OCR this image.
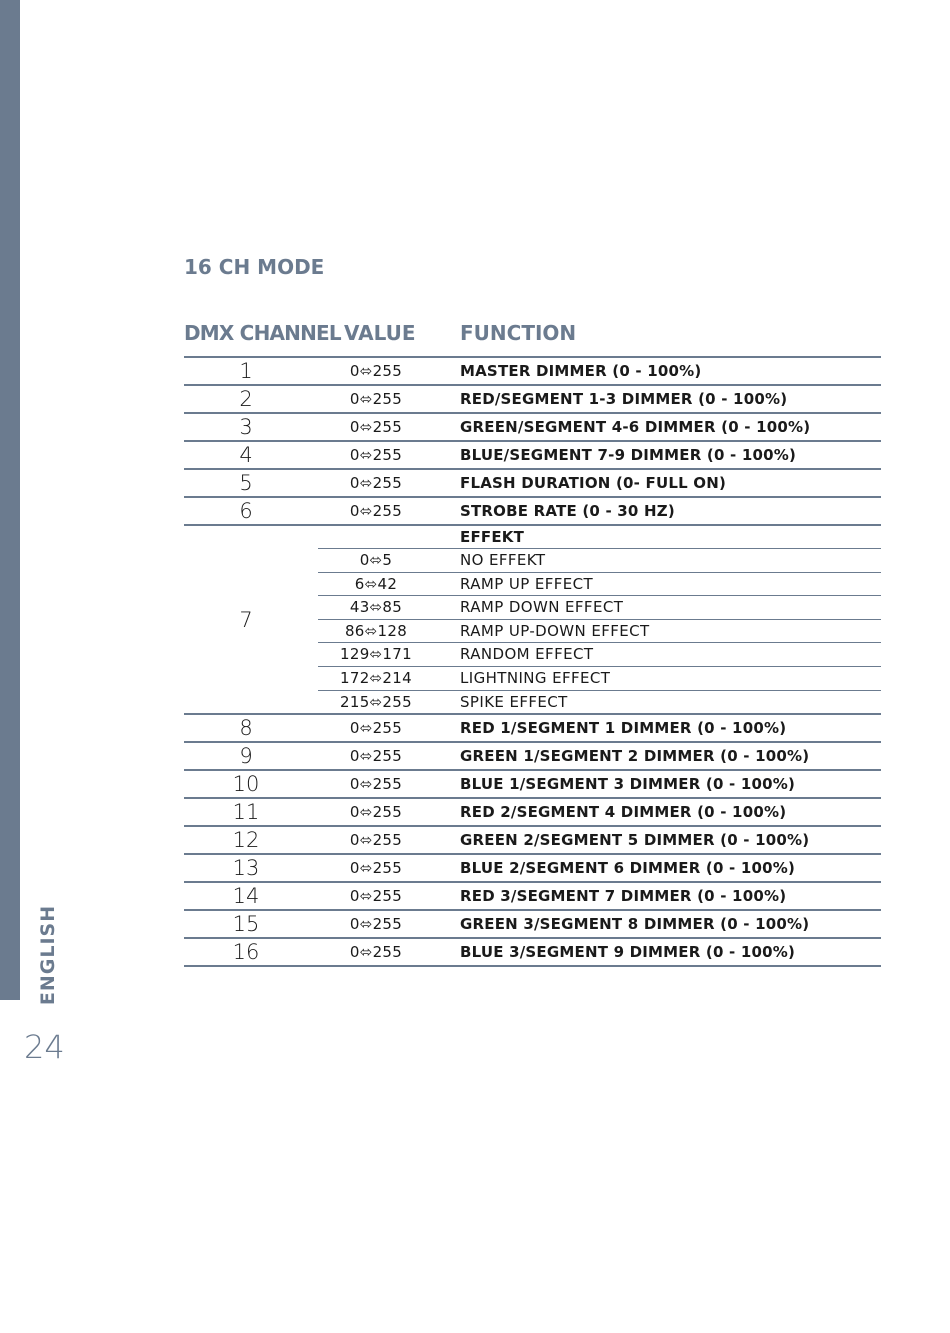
ENGLISH
24
16 CH MODE
DMX CHANNEL VALUE FUNCTION
1	0⬄255	MASTER DIMMER (0 - 100%)
2	0⬄255	RED/SEGMENT 1-3 DIMMER (0 - 100%)
3	0⬄255	GREEN/SEGMENT 4-6 DIMMER (0 - 100%)
4	0⬄255	BLUE/SEGMENT 7-9 DIMMER (0 - 100%)
5	0⬄255	FLASH DURATION (0- FULL ON)
6	0⬄255	STROBE RATE (0 - 30 HZ)
7
EFFEKT
0⬄5	NO EFFEKT
6⬄42	RAMP UP EFFECT
43⬄85	RAMP DOWN EFFECT
86⬄128	RAMP UP-DOWN EFFECT
129⬄171	RANDOM EFFECT
172⬄214	LIGHTNING EFFECT
215⬄255	SPIKE EFFECT
8	0⬄255	RED 1/SEGMENT 1 DIMMER (0 - 100%)
9	0⬄255	GREEN 1/SEGMENT 2 DIMMER (0 - 100%)
10	0⬄255	BLUE 1/SEGMENT 3 DIMMER (0 - 100%)
11	0⬄255	RED 2/SEGMENT 4 DIMMER (0 - 100%)
12	0⬄255	GREEN 2/SEGMENT 5 DIMMER (0 - 100%)
13	0⬄255	BLUE 2/SEGMENT 6 DIMMER (0 - 100%)
14	0⬄255	RED 3/SEGMENT 7 DIMMER (0 - 100%)
15	0⬄255	GREEN 3/SEGMENT 8 DIMMER (0 - 100%)
16	0⬄255	BLUE 3/SEGMENT 9 DIMMER (0 - 100%)
